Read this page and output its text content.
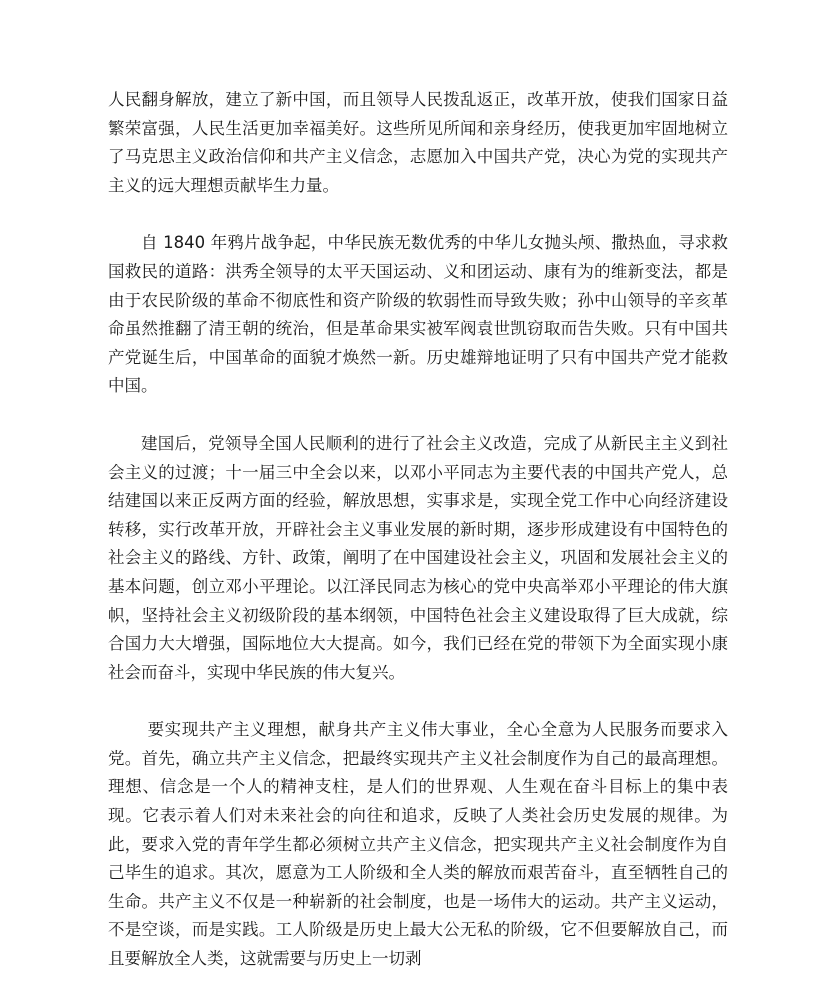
人民翻身解放，建立了新中国，而且领导人民拨乱返正，改革开放，使我们国家日益繁荣富强，人民生活更加幸福美好。这些所见所闻和亲身经历，使我更加牢固地树立了马克思主义政治信仰和共产主义信念，志愿加入中国共产党，决心为党的实现共产主义的远大理想贡献毕生力量。

自 1840 年鸦片战争起，中华民族无数优秀的中华儿女抛头颅、撒热血，寻求救国救民的道路：洪秀全领导的太平天国运动、义和团运动、康有为的维新变法，都是由于农民阶级的革命不彻底性和资产阶级的软弱性而导致失败；孙中山领导的辛亥革命虽然推翻了清王朝的统治，但是革命果实被军阀袁世凯窃取而告失败。只有中国共产党诞生后，中国革命的面貌才焕然一新。历史雄辩地证明了只有中国共产党才能救中国。

建国后，党领导全国人民顺利的进行了社会主义改造，完成了从新民主主义到社会主义的过渡；十一届三中全会以来，以邓小平同志为主要代表的中国共产党人，总结建国以来正反两方面的经验，解放思想，实事求是，实现全党工作中心向经济建设转移，实行改革开放，开辟社会主义事业发展的新时期，逐步形成建设有中国特色的社会主义的路线、方针、政策，阐明了在中国建设社会主义，巩固和发展社会主义的基本问题，创立邓小平理论。以江泽民同志为核心的党中央高举邓小平理论的伟大旗帜，坚持社会主义初级阶段的基本纲领，中国特色社会主义建设取得了巨大成就，综合国力大大增强，国际地位大大提高。如今，我们已经在党的带领下为全面实现小康社会而奋斗，实现中华民族的伟大复兴。

要实现共产主义理想，献身共产主义伟大事业，全心全意为人民服务而要求入党。首先，确立共产主义信念，把最终实现共产主义社会制度作为自己的最高理想。理想、信念是一个人的精神支柱，是人们的世界观、人生观在奋斗目标上的集中表现。它表示着人们对未来社会的向往和追求，反映了人类社会历史发展的规律。为此，要求入党的青年学生都必须树立共产主义信念，把实现共产主义社会制度作为自己毕生的追求。其次，愿意为工人阶级和全人类的解放而艰苦奋斗，直至牺牲自己的生命。共产主义不仅是一种崭新的社会制度，也是一场伟大的运动。共产主义运动，不是空谈，而是实践。工人阶级是历史上最大公无私的阶级，它不但要解放自己，而且要解放全人类，这就需要与历史上一切剥
